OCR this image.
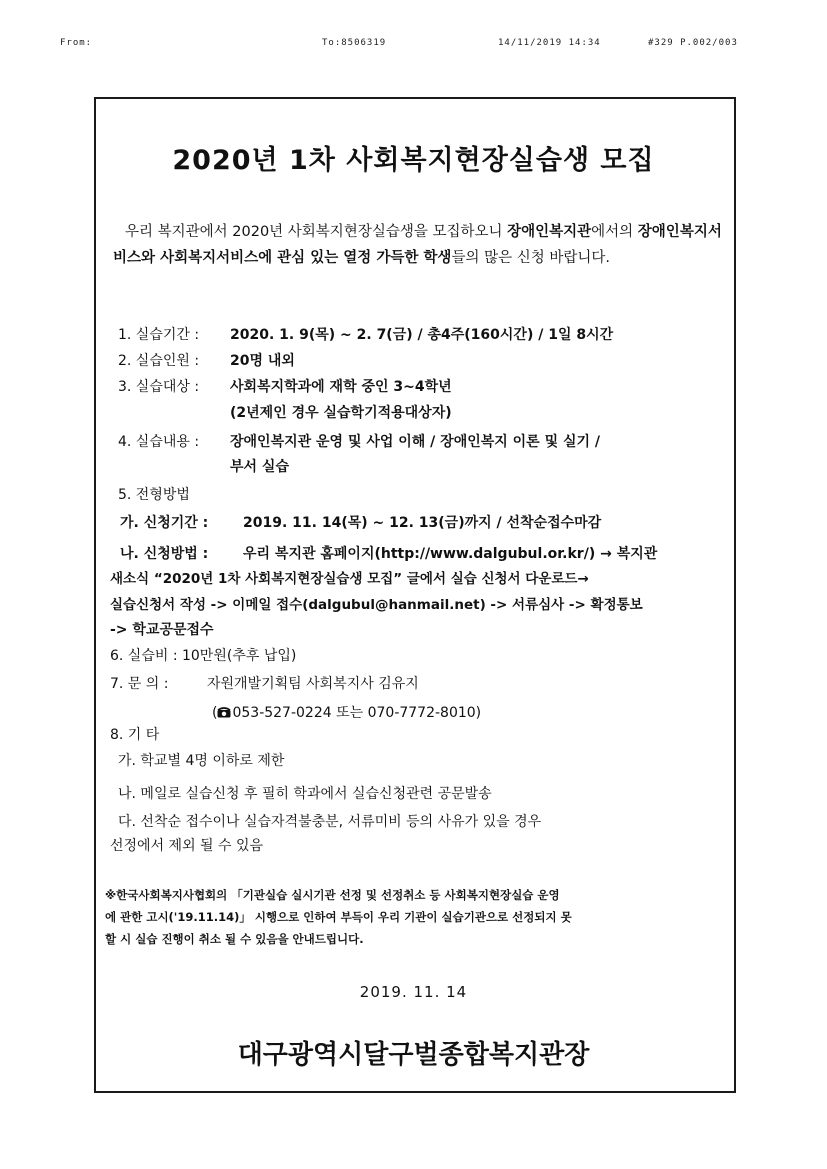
From:	To:8506319	14/11/2019 14:34	#329 P.002/003
2020년 1차 사회복지현장실습생 모집
우리 복지관에서 2020년 사회복지현장실습생을 모집하오니 장애인복지관에서의 장애인복지서비스와 사회복지서비스에 관심 있는 열정 가득한 학생들의 많은 신청 바랍니다.
1. 실습기간 : 2020. 1. 9(목) ~ 2. 7(금) / 총4주(160시간) / 1일 8시간
2. 실습인원 : 20명 내외
3. 실습대상 : 사회복지학과에 재학 중인 3~4학년
(2년제인 경우 실습학기적용대상자)
4. 실습내용 : 장애인복지관 운영 및 사업 이해 / 장애인복지 이론 및 실기 /
부서 실습
5. 전형방법
가. 신청기간 : 2019. 11. 14(목) ~ 12. 13(금)까지 / 선착순접수마감
나. 신청방법 : 우리 복지관 홈페이지(http://www.dalgubul.or.kr/) → 복지관
새소식 “2020년 1차 사회복지현장실습생 모집” 글에서 실습 신청서 다운로드→
실습신청서 작성 -> 이메일 접수(dalgubul@hanmail.net) -> 서류심사 -> 확정통보
-> 학교공문접수
6. 실습비 : 10만원(추후 납입)
7. 문 의 :	자원개발기획팀 사회복지사 김유지
( 053-527-0224 또는 070-7772-8010)
8. 기 타
가. 학교별 4명 이하로 제한
나. 메일로 실습신청 후 필히 학과에서 실습신청관련 공문발송
다. 선착순 접수이나 실습자격불충분, 서류미비 등의 사유가 있을 경우
선정에서 제외 될 수 있음
※한국사회복지사협회의 「기관실습 실시기관 선정 및 선정취소 등 사회복지현장실습 운영
에 관한 고시('19.11.14)」 시행으로 인하여 부득이 우리 기관이 실습기관으로 선정되지 못
할 시 실습 진행이 취소 될 수 있음을 안내드립니다.
2019. 11. 14
대구광역시달구벌종합복지관장
